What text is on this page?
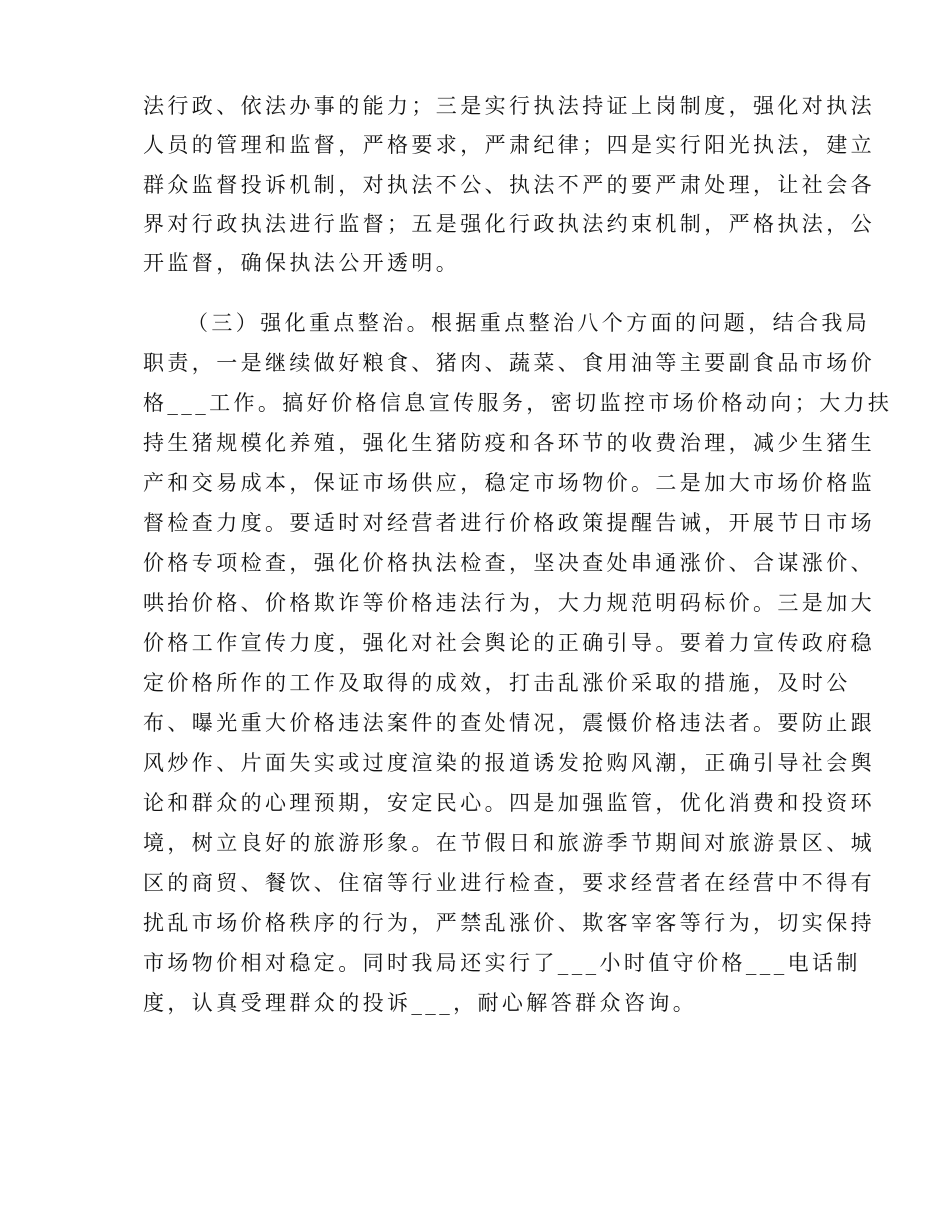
法行政、依法办事的能力；三是实行执法持证上岗制度，强化对执法
人员的管理和监督，严格要求，严肃纪律；四是实行阳光执法，建立
群众监督投诉机制，对执法不公、执法不严的要严肃处理，让社会各
界对行政执法进行监督；五是强化行政执法约束机制，严格执法，公
开监督，确保执法公开透明。
（三）强化重点整治。根据重点整治八个方面的问题，结合我局
职责，一是继续做好粮食、猪肉、蔬菜、食用油等主要副食品市场价
格___工作。搞好价格信息宣传服务，密切监控市场价格动向；大力扶
持生猪规模化养殖，强化生猪防疫和各环节的收费治理，减少生猪生
产和交易成本，保证市场供应，稳定市场物价。二是加大市场价格监
督检查力度。要适时对经营者进行价格政策提醒告诫，开展节日市场
价格专项检查，强化价格执法检查，坚决查处串通涨价、合谋涨价、
哄抬价格、价格欺诈等价格违法行为，大力规范明码标价。三是加大
价格工作宣传力度，强化对社会舆论的正确引导。要着力宣传政府稳
定价格所作的工作及取得的成效，打击乱涨价采取的措施，及时公
布、曝光重大价格违法案件的查处情况，震慑价格违法者。要防止跟
风炒作、片面失实或过度渲染的报道诱发抢购风潮，正确引导社会舆
论和群众的心理预期，安定民心。四是加强监管，优化消费和投资环
境，树立良好的旅游形象。在节假日和旅游季节期间对旅游景区、城
区的商贸、餐饮、住宿等行业进行检查，要求经营者在经营中不得有
扰乱市场价格秩序的行为，严禁乱涨价、欺客宰客等行为，切实保持
市场物价相对稳定。同时我局还实行了___小时值守价格___电话制
度，认真受理群众的投诉___，耐心解答群众咨询。
